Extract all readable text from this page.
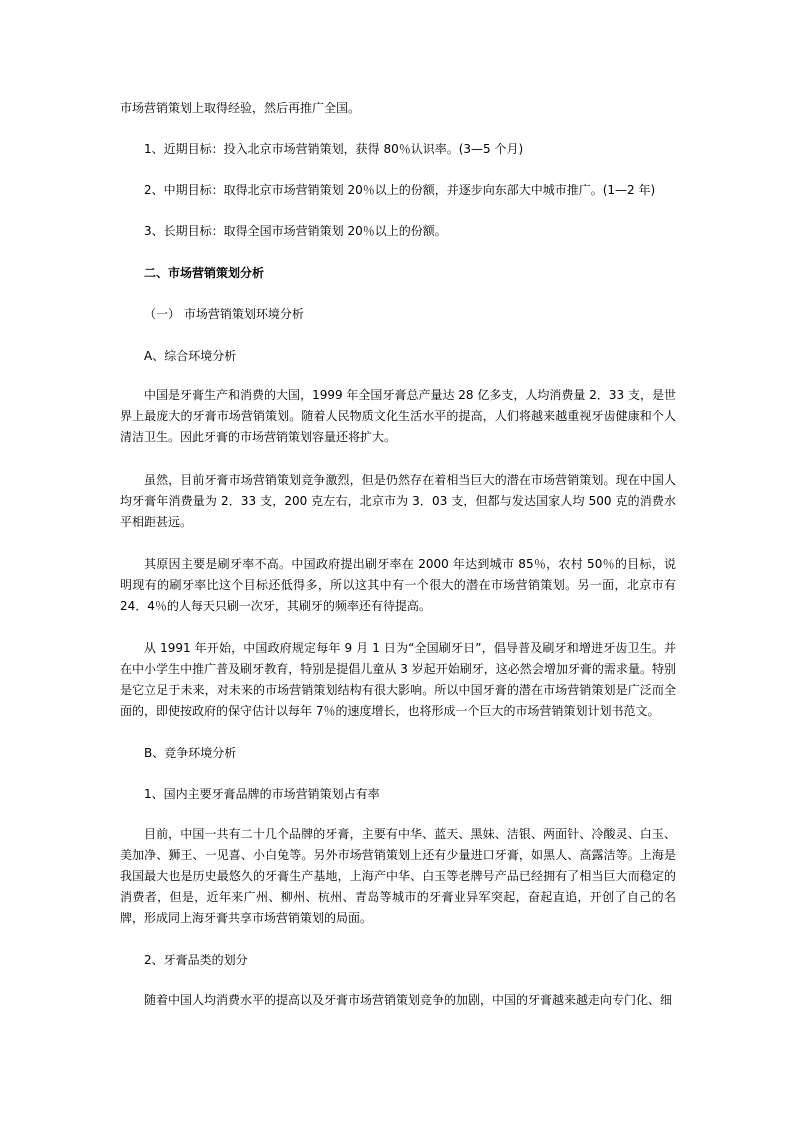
市场营销策划上取得经验，然后再推广全国。

1、近期目标：投入北京市场营销策划，获得 80％认识率。(3—5 个月)

2、中期目标：取得北京市场营销策划 20％以上的份额，并逐步向东部大中城市推广。(1—2 年)

3、长期目标：取得全国市场营销策划 20％以上的份额。

二、市场营销策划分析

（一） 市场营销策划环境分析

A、综合环境分析

中国是牙膏生产和消费的大国，1999 年全国牙膏总产量达 28 亿多支，人均消费量 2．33 支，是世界上最庞大的牙膏市场营销策划。随着人民物质文化生活水平的提高，人们将越来越重视牙齿健康和个人清洁卫生。因此牙膏的市场营销策划容量还将扩大。

虽然，目前牙膏市场营销策划竞争激烈，但是仍然存在着相当巨大的潜在市场营销策划。现在中国人均牙膏年消费量为 2．33 支，200 克左右，北京市为 3．03 支，但都与发达国家人均 500 克的消费水平相距甚远。

其原因主要是刷牙率不高。中国政府提出刷牙率在 2000 年达到城市 85％，农村 50％的目标，说明现有的刷牙率比这个目标还低得多，所以这其中有一个很大的潜在市场营销策划。另一面，北京市有 24．4％的人每天只刷一次牙，其刷牙的频率还有待提高。

从 1991 年开始，中国政府规定每年 9 月 1 日为“全国刷牙日”，倡导普及刷牙和增进牙齿卫生。并在中小学生中推广普及刷牙教育，特别是提倡儿童从 3 岁起开始刷牙，这必然会增加牙膏的需求量。特别是它立足于未来，对未来的市场营销策划结构有很大影响。所以中国牙膏的潜在市场营销策划是广泛而全面的，即使按政府的保守估计以每年 7％的速度增长，也将形成一个巨大的市场营销策划计划书范文。

B、竞争环境分析

1、国内主要牙膏品牌的市场营销策划占有率

目前，中国一共有二十几个品牌的牙膏，主要有中华、蓝天、黑妹、洁银、两面针、冷酸灵、白玉、美加净、狮王、一见喜、小白兔等。另外市场营销策划上还有少量进口牙膏，如黑人、高露洁等。上海是我国最大也是历史最悠久的牙膏生产基地，上海产中华、白玉等老牌号产品已经拥有了相当巨大而稳定的消费者，但是，近年来广州、柳州、杭州、青岛等城市的牙膏业异军突起，奋起直追，开创了自己的名牌，形成同上海牙膏共享市场营销策划的局面。

2、牙膏品类的划分

随着中国人均消费水平的提高以及牙膏市场营销策划竞争的加剧，中国的牙膏越来越走向专门化、细
